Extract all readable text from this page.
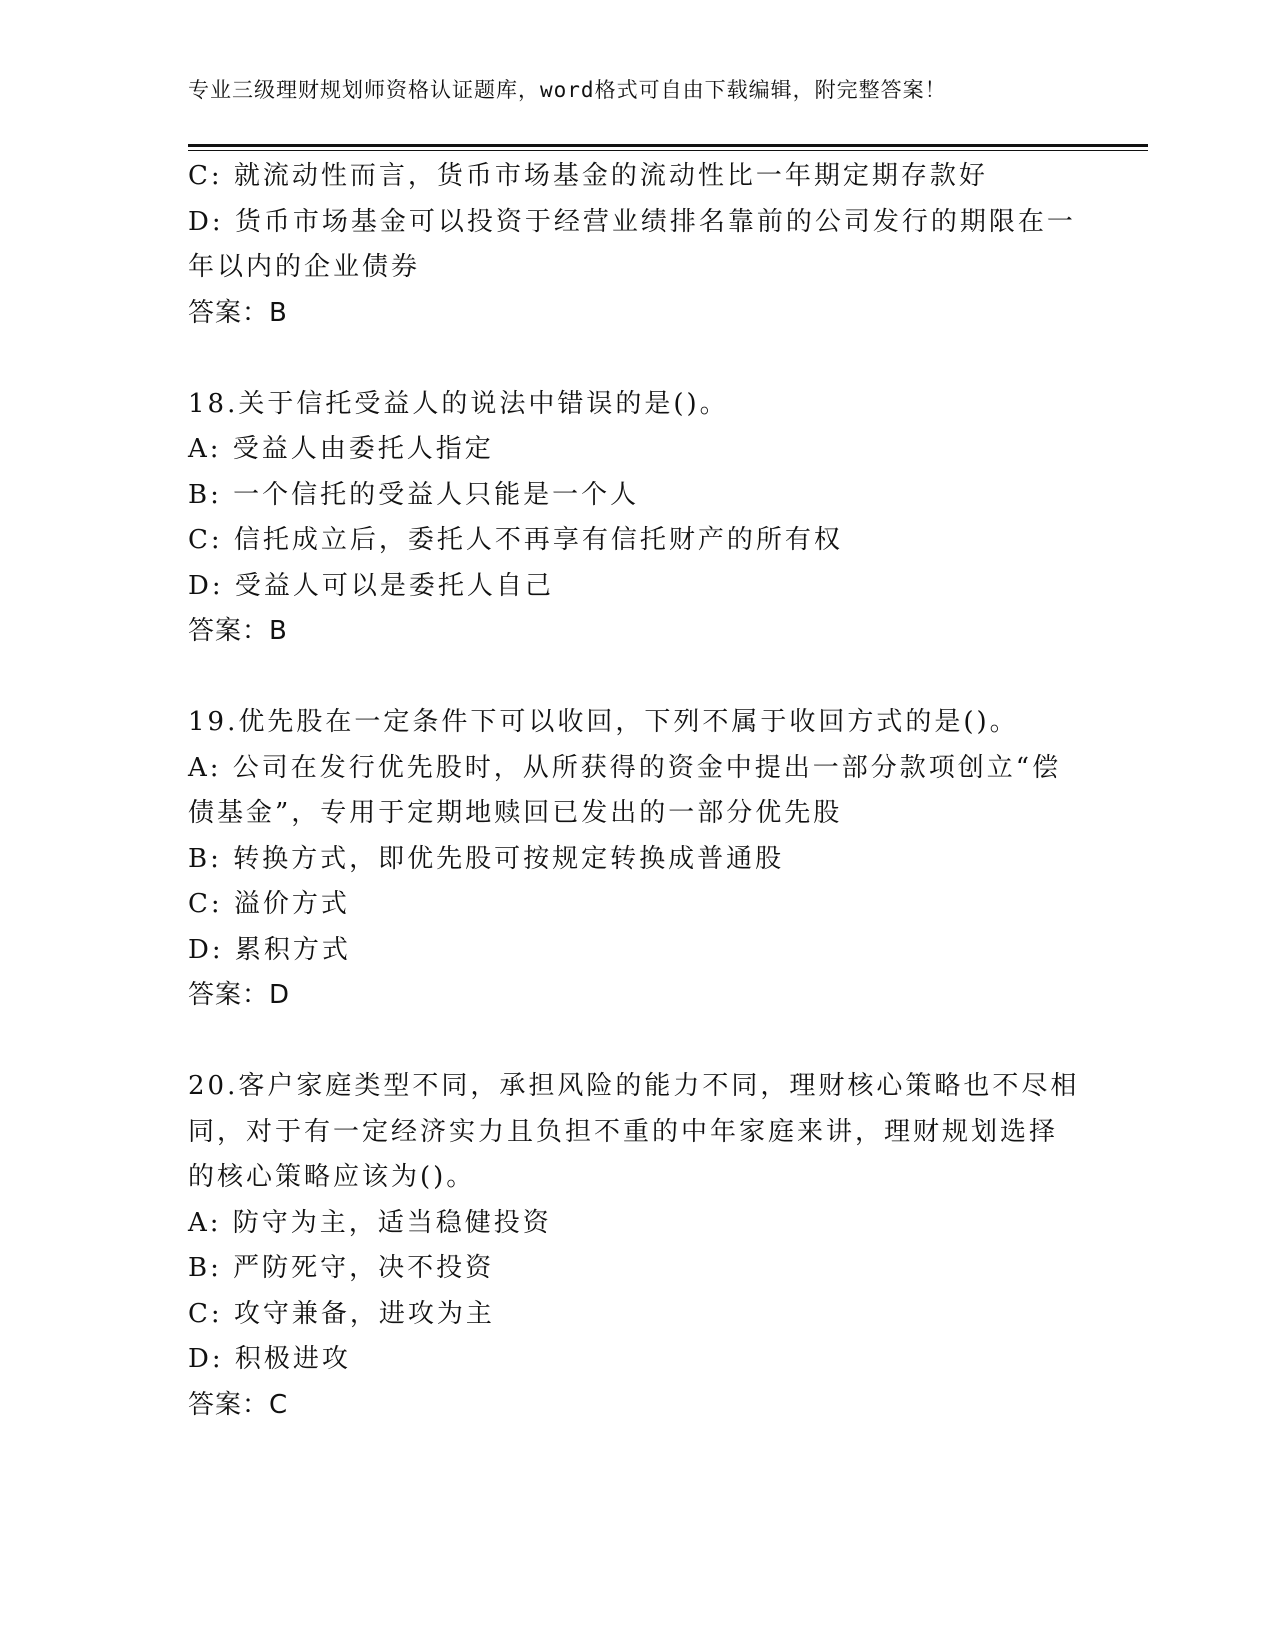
专业三级理财规划师资格认证题库，word格式可自由下载编辑，附完整答案！
C: 就流动性而言，货币市场基金的流动性比一年期定期存款好
D: 货币市场基金可以投资于经营业绩排名靠前的公司发行的期限在一
年以内的企业债券
答案：B
18.关于信托受益人的说法中错误的是()。
A: 受益人由委托人指定
B: 一个信托的受益人只能是一个人
C: 信托成立后，委托人不再享有信托财产的所有权
D: 受益人可以是委托人自己
答案：B
19.优先股在一定条件下可以收回，下列不属于收回方式的是()。
A: 公司在发行优先股时，从所获得的资金中提出一部分款项创立“偿
债基金”，专用于定期地赎回已发出的一部分优先股
B: 转换方式，即优先股可按规定转换成普通股
C: 溢价方式
D: 累积方式
答案：D
20.客户家庭类型不同，承担风险的能力不同，理财核心策略也不尽相
同，对于有一定经济实力且负担不重的中年家庭来讲，理财规划选择
的核心策略应该为()。
A: 防守为主，适当稳健投资
B: 严防死守，决不投资
C: 攻守兼备，进攻为主
D: 积极进攻
答案：C
